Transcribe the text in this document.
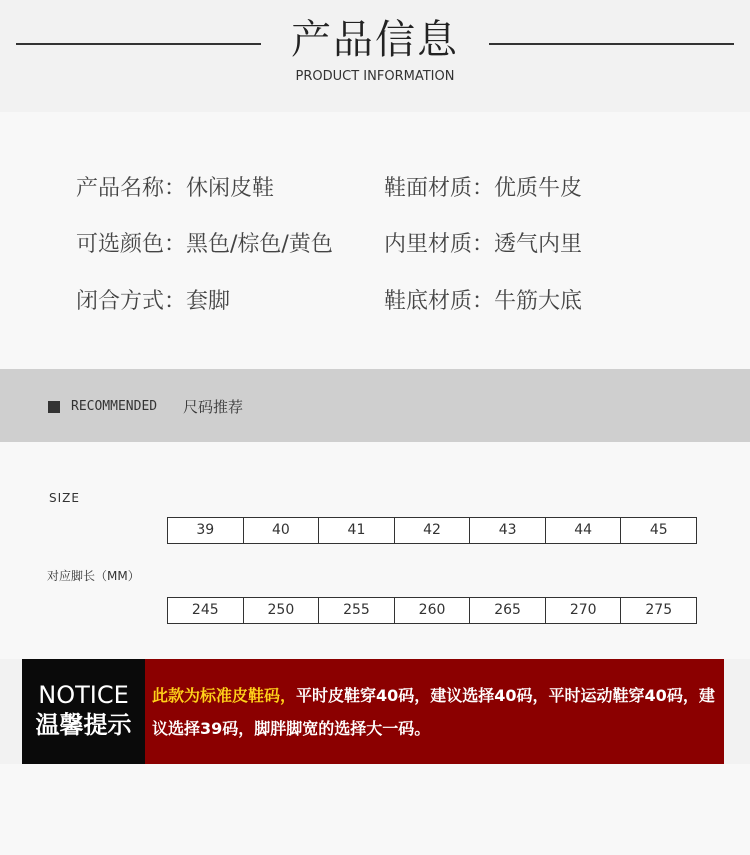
产品信息
PRODUCT INFORMATION
产品名称：休闲皮鞋	鞋面材质：优质牛皮
可选颜色：黑色/棕色/黄色 内里材质：透气内里
闭合方式：套脚	鞋底材质：牛筋大底
RECOMMENDED 尺码推荐
SIZE
39	40	41	42	43	44	45
对应脚长（MM）
245	250	255	260	265	270	275
NOTICE
温馨提示
此款为标准皮鞋码，平时皮鞋穿40码，建议选择40码，平时运动鞋穿40码，建议选择39码，脚胖脚宽的选择大一码。
